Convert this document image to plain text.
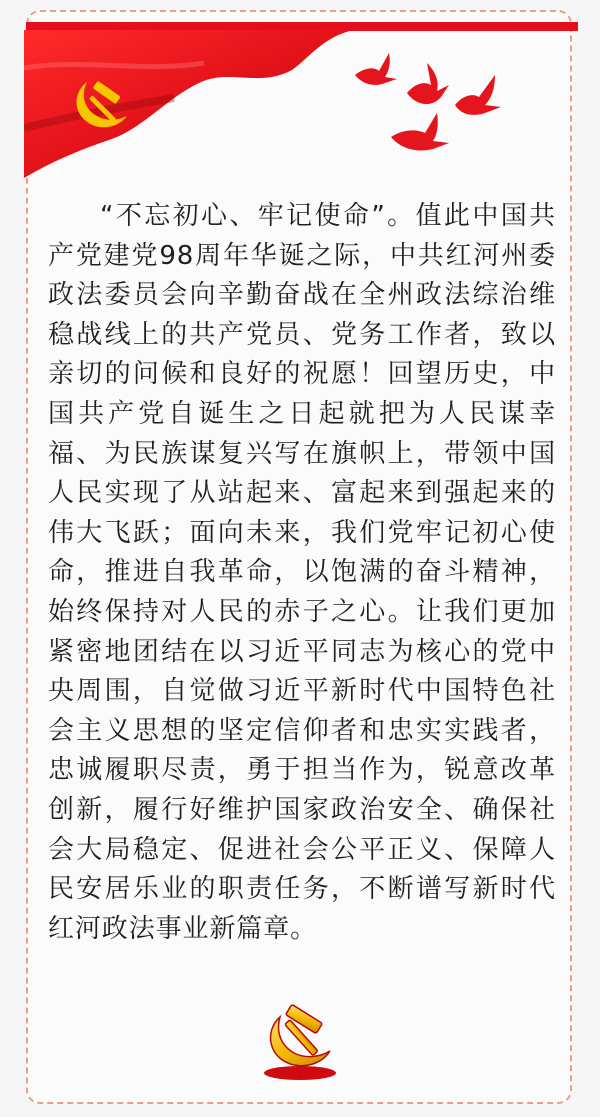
“不忘初心、牢记使命”。值此中国共产党建党98周年华诞之际，中共红河州委政法委员会向辛勤奋战在全州政法综治维稳战线上的共产党员、党务工作者，致以亲切的问候和良好的祝愿！回望历史，中国共产党自诞生之日起就把为人民谋幸福、为民族谋复兴写在旗帜上，带领中国人民实现了从站起来、富起来到强起来的伟大飞跃；面向未来，我们党牢记初心使命，推进自我革命，以饱满的奋斗精神，始终保持对人民的赤子之心。让我们更加紧密地团结在以习近平同志为核心的党中央周围，自觉做习近平新时代中国特色社会主义思想的坚定信仰者和忠实实践者，忠诚履职尽责，勇于担当作为，锐意改革创新，履行好维护国家政治安全、确保社会大局稳定、促进社会公平正义、保障人民安居乐业的职责任务，不断谱写新时代红河政法事业新篇章。
